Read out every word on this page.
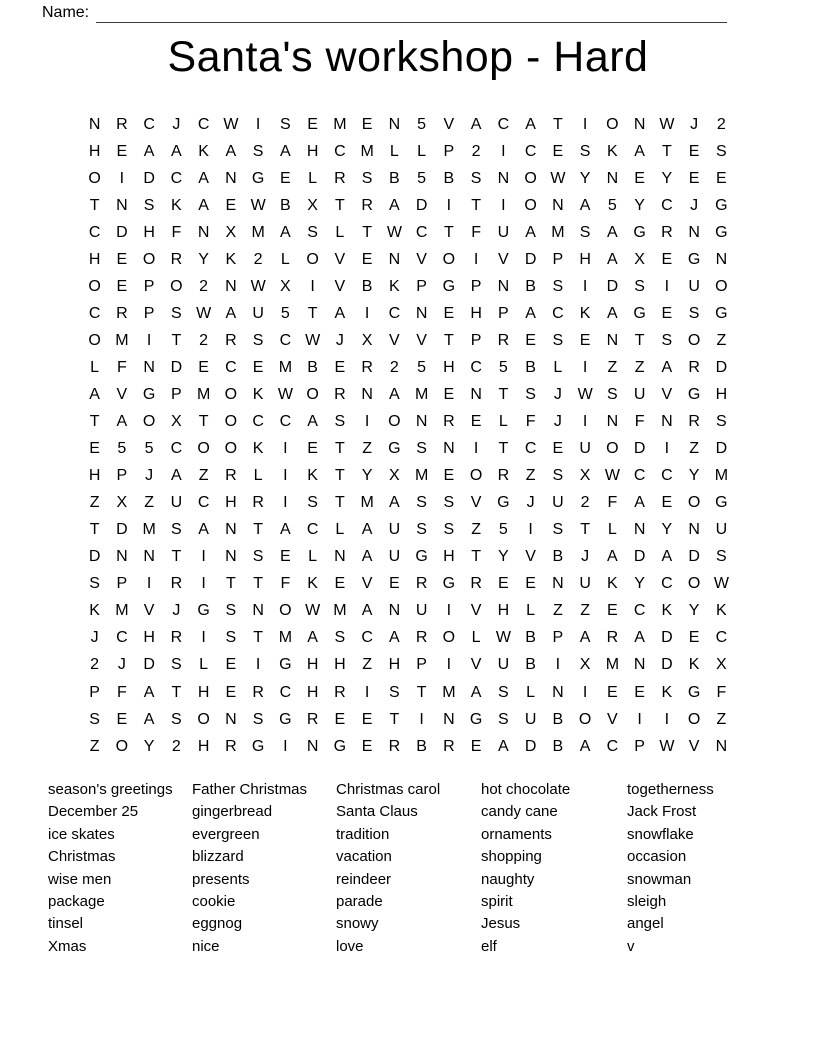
Name:
Santa's workshop - Hard
N R C	J	C W	I	S	E M E	N	5	V	A	C	A	T	I	O N W J	2
H	E	A	A	K	A	S	A	H C M	L	L	P	2	I	C	E	S	K	A	T	E	S
O	I	D C	A	N G E	L	R	S	B	5	B	S	N O W Y	N	E	Y	E	E
T	N	S	K	A	E W B	X	T	R	A	D	I	T	I	O N	A	5	Y	C	J	G
C D H	F	N	X M A	S	L	T W C	T	F	U	A M S	A G R N G
H	E O R	Y	K	2	L	O V	E	N	V O	I	V	D	P	H	A	X	E G N
O E	P O	2	N W X	I	V	B	K	P G P	N	B	S	I	D	S	I	U O
C R	P	S W A	U	5	T	A	I	C N	E	H	P	A	C	K	A G E	S G
O M	I	T	2	R	S	C W J	X	V	V	T	P	R	E	S	E	N	T	S O	Z
L	F	N D	E	C	E M B	E	R	2	5	H C	5	B	L	I	Z	Z	A	R D
A	V G P M O K W O R N	A M E	N	T	S	J W S	U	V G H
T	A O X	T	O C C	A	S	I	O N R	E	L	F	J	I	N	F	N R	S
E	5	5	C O O K	I	E	T	Z	G S	N	I	T	C	E	U O D	I	Z	D
H	P	J	A	Z	R	L	I	K	T	Y	X M E O R	Z	S	X W C C	Y M
Z	X	Z	U C H R	I	S	T M A	S	S	V G	J	U	2	F	A	E O G
T	D M S	A	N	T	A	C	L	A	U	S	S	Z	5	I	S	T	L	N	Y	N U
D N N	T	I	N	S	E	L	N	A	U G H	T	Y	V	B	J	A	D	A	D	S
S	P	I	R	I	T	T	F	K	E	V	E	R G R	E	E	N U	K	Y	C O W
K M V	J	G S	N O W M A	N U	I	V	H	L	Z	Z	E	C	K	Y	K
J	C H R	I	S	T M A	S	C	A	R O	L W B	P	A	R	A	D	E	C
2	J	D	S	L	E	I	G H H	Z	H	P	I	V	U	B	I	X M N D	K	X
P	F	A	T	H	E	R C H R	I	S	T M A	S	L	N	I	E	E	K G	F
S	E	A	S O N	S G R	E	E	T	I	N G S	U	B O V	I	I	O	Z
Z	O Y	2	H R G	I	N G E	R	B	R	E	A	D	B	A	C	P W V	N
season's greetings
December 25
ice skates
Christmas
wise men
package
tinsel
Xmas
Father Christmas
gingerbread
evergreen
blizzard
presents
cookie
eggnog
nice
Christmas carol
Santa Claus
tradition
vacation
reindeer
parade
snowy
love
hot chocolate
candy cane
ornaments
shopping
naughty
spirit
Jesus
elf
togetherness
Jack Frost
snowflake
occasion
snowman
sleigh
angel
v
